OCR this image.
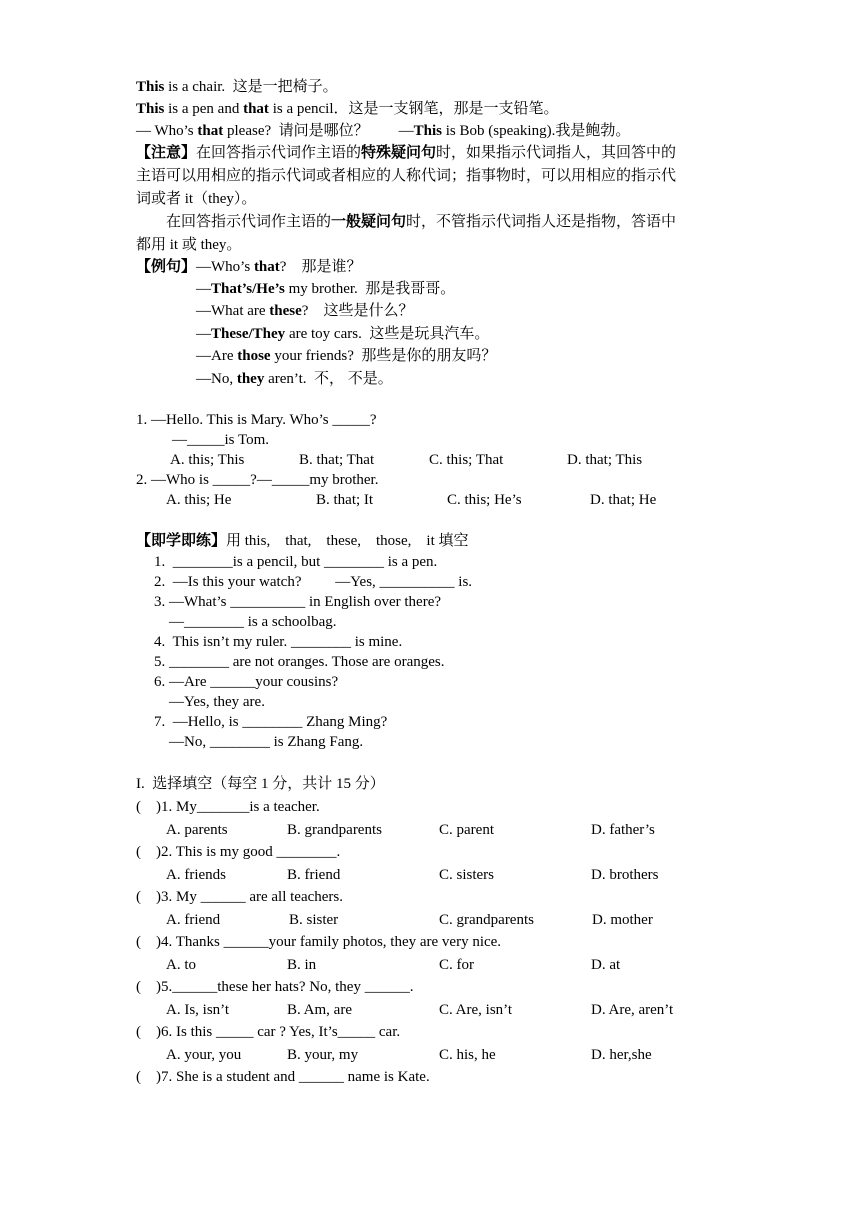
This is a chair.  这是一把椅子。
This is a pen and that is a pencil．这是一支钢笔，那是一支铅笔。
— Who’s that please?  请问是哪位？        —This is Bob (speaking).我是鲍勃。
【注意】在回答指示代词作主语的特殊疑问句时，如果指示代词指人，其回答中的
主语可以用相应的指示代词或者相应的人称代词；指事物时，可以用相应的指示代
词或者 it（they）。
在回答指示代词作主语的一般疑问句时，不管指示代词指人还是指物，答语中
都用 it 或 they。
【例句】—Who’s that?    那是谁？
—That’s/He’s my brother.  那是我哥哥。
—What are these?    这些是什么？
—These/They are toy cars.  这些是玩具汽车。
—Are those your friends?  那些是你的朋友吗？
—No, they aren’t.  不， 不是。
1. —Hello. This is Mary. Who’s _____?
—_____is Tom.
A. this; This	B. that; That	C. this; That	D. that; This
2. —Who is _____?—_____my brother.
A. this; He	B. that; It	C. this; He’s	D. that; He
【即学即练】用 this,    that,    these,    those,    it 填空
1.  ________is a pencil, but ________ is a pen.
2.  —Is this your watch?         —Yes, __________ is.
3. —What’s __________ in English over there?
—________ is a schoolbag.
4.  This isn’t my ruler. ________ is mine.
5. ________ are not oranges. Those are oranges.
6. —Are ______your cousins?
—Yes, they are.
7.  —Hello, is ________ Zhang Ming?
—No, ________ is Zhang Fang.
I.  选择填空（每空 1 分，共计 15 分）
(    )1. My_______is a teacher.
A. parents	B. grandparents	C. parent	D. father’s
(    )2. This is my good ________.
A. friends	B. friend	C. sisters	D. brothers
(    )3. My ______ are all teachers.
A. friend	B. sister	C. grandparents	D. mother
(    )4. Thanks ______your family photos, they are very nice.
A. to	B. in	C. for	D. at
(    )5.______these her hats? No, they ______.
A. Is, isn’t	B. Am, are	C. Are, isn’t	D. Are, aren’t
(    )6. Is this _____ car ? Yes, It’s_____ car.
A. your, you	B. your, my	C. his, he	D. her,she
(    )7. She is a student and ______ name is Kate.
